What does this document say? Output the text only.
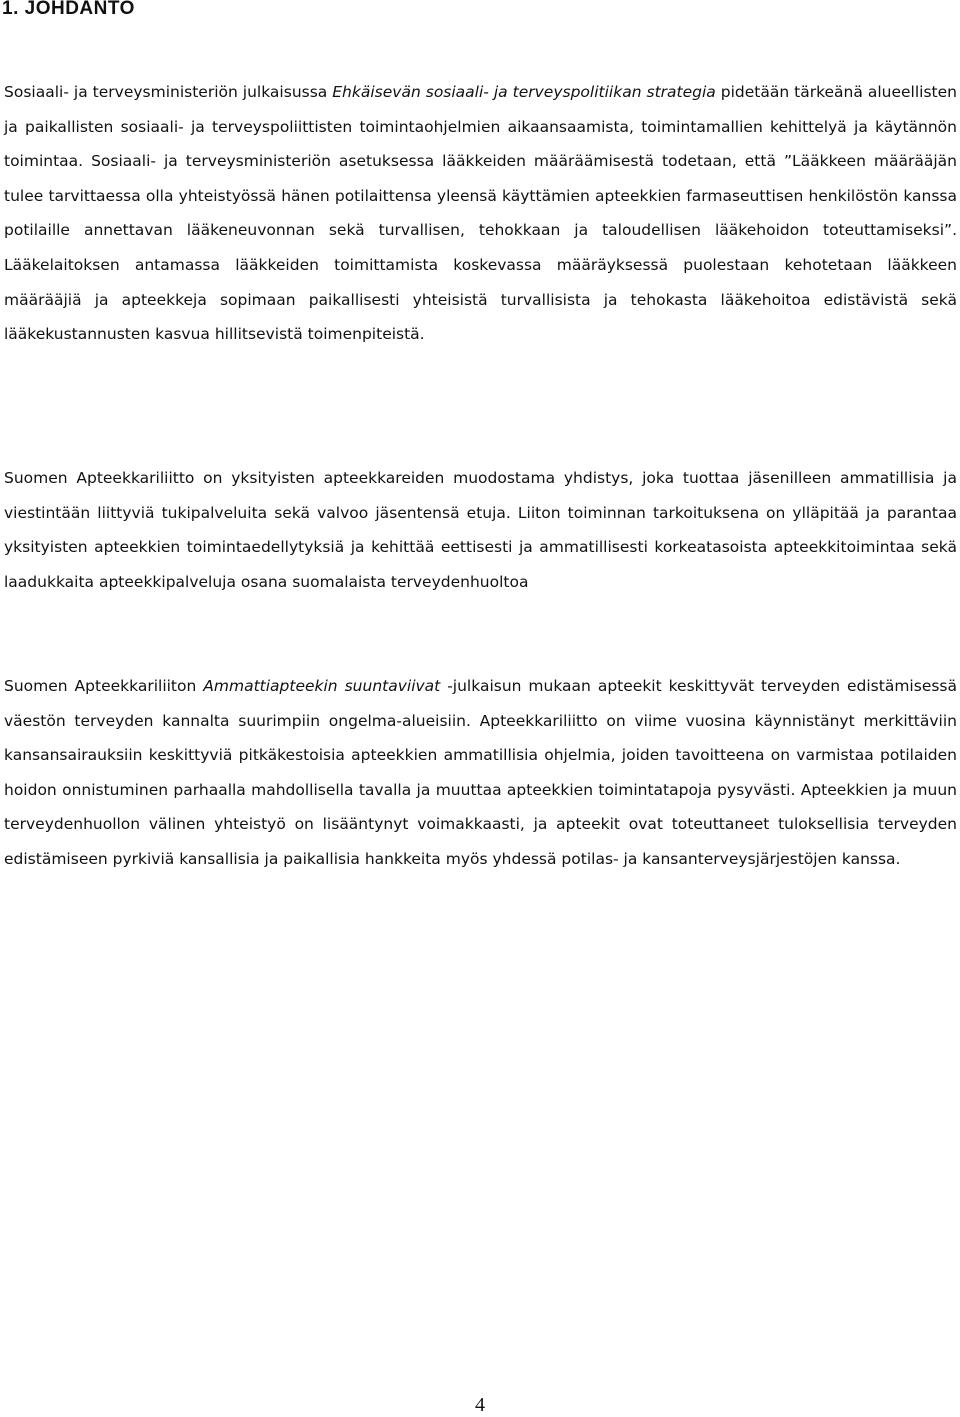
1. JOHDANTO

Sosiaali- ja terveysministeriön julkaisussa Ehkäisevän sosiaali- ja terveyspolitiikan strategia pidetään tärkeänä alueellisten ja paikallisten sosiaali- ja terveyspoliittisten toimintaohjelmien aikaansaamista, toimintamallien kehittelyä ja käytännön toimintaa. Sosiaali- ja terveysministeriön asetuksessa lääkkeiden määräämisestä todetaan, että ”Lääkkeen määrääjän tulee tarvittaessa olla yhteistyössä hänen potilaittensa yleensä käyttämien apteekkien farmaseuttisen henkilöstön kanssa potilaille annettavan lääkeneuvonnan sekä turvallisen, tehokkaan ja taloudellisen lääkehoidon toteuttamiseksi”. Lääkelaitoksen antamassa lääkkeiden toimittamista koskevassa määräyksessä puolestaan kehotetaan lääkkeen määrääjiä ja apteekkeja sopimaan paikallisesti yhteisistä turvallisista ja tehokasta lääkehoitoa edistävistä sekä lääkekustannusten kasvua hillitsevistä toimenpiteistä.

Suomen Apteekkariliitto on yksityisten apteekkareiden muodostama yhdistys, joka tuottaa jäsenilleen ammatillisia ja viestintään liittyviä tukipalveluita sekä valvoo jäsentensä etuja. Liiton toiminnan tarkoituksena on ylläpitää ja parantaa yksityisten apteekkien toimintaedellytyksiä ja kehittää eettisesti ja ammatillisesti korkeatasoista apteekkitoimintaa sekä laadukkaita apteekkipalveluja osana suomalaista terveydenhuoltoa

Suomen Apteekkariliiton Ammattiapteekin suuntaviivat -julkaisun mukaan apteekit keskittyvät terveyden edistämisessä väestön terveyden kannalta suurimpiin ongelma-alueisiin. Apteekkariliitto on viime vuosina käynnistänyt merkittäviin kansansairauksiin keskittyviä pitkäkestoisia apteekkien ammatillisia ohjelmia, joiden tavoitteena on varmistaa potilaiden hoidon onnistuminen parhaalla mahdollisella tavalla ja muuttaa apteekkien toimintatapoja pysyvästi. Apteekkien ja muun terveydenhuollon välinen yhteistyö on lisääntynyt voimakkaasti, ja apteekit ovat toteuttaneet tuloksellisia terveyden edistämiseen pyrkiviä kansallisia ja paikallisia hankkeita myös yhdessä potilas- ja kansanterveysjärjestöjen kanssa.

4
